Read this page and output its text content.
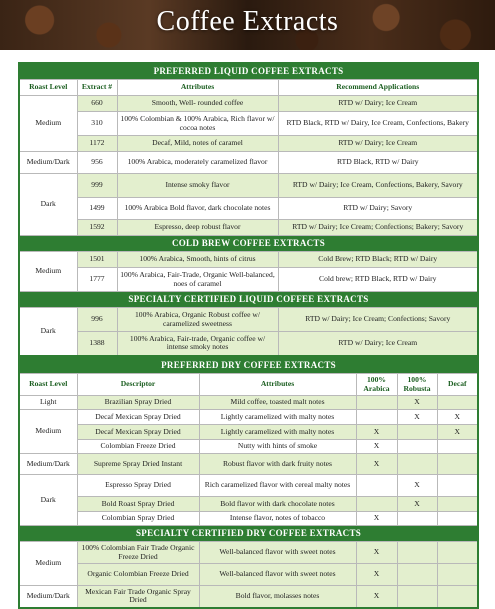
Coffee Extracts
PREFERRED LIQUID COFFEE EXTRACTS			
Roast Level	Extract #	Attributes	Recommend Applications
Medium	660	Smooth, Well- rounded coffee	RTD w/ Dairy; Ice Cream
	310	100% Colombian & 100% Arabica, Rich flavor w/ cocoa notes	RTD Black, RTD w/ Dairy, Ice Cream, Confections, Bakery
	1172	Decaf, Mild, notes of caramel	RTD w/ Dairy; Ice Cream
Medium/Dark	956	100% Arabica, moderately caramelized flavor	RTD Black, RTD w/ Dairy
Dark	999	Intense smoky flavor	RTD w/ Dairy; Ice Cream, Confections, Bakery, Savory
	1499	100% Arabica Bold flavor, dark chocolate notes	RTD w/ Dairy; Savory
	1592	Espresso, deep robust flavor	RTD w/ Dairy; Ice Cream; Confections; Bakery; Savory
COLD BREW COFFEE EXTRACTS			
Medium	1501	100% Arabica, Smooth, hints of citrus	Cold Brew; RTD Black; RTD w/ Dairy
	1777	100% Arabica, Fair-Trade, Organic Well-balanced, noes of caramel	Cold brew; RTD Black, RTD w/ Dairy
SPECIALTY CERTIFIED LIQUID COFFEE EXTRACTS			
Dark	996	100% Arabica, Organic Robust coffee w/ caramelized sweetness	RTD w/ Dairy; Ice Cream; Confections; Savory
	1388	100% Arabica, Fair-trade, Organic coffee w/ intense smoky notes	RTD w/ Dairy; Ice Cream
PREFERRED DRY COFFEE EXTRACTS					
Roast Level	Descriptor	Attributes	100% Arabica	100% Robusta	Decaf
Light	Brazilian Spray Dried	Mild coffee, toasted malt notes		X	
Medium	Decaf Mexican Spray Dried	Lightly caramelized with malty notes		X	X
	Decaf Mexican Spray Dried	Lightly caramelized with malty notes	X		X
	Colombian Freeze Dried	Nutty with hints of smoke	X		
Medium/Dark	Supreme Spray Dried Instant	Robust flavor with dark fruity notes	X		
Dark	Espresso Spray Dried	Rich caramelized flavor with cereal malty notes		X	
	Bold Roast Spray Dried	Bold flavor with dark chocolate notes		X	
	Colombian Spray Dried	Intense flavor, notes of tobacco	X		
SPECIALTY CERTIFIED DRY COFFEE EXTRACTS					
Medium	100% Colombian Fair Trade Organic Freeze Dried	Well-balanced flavor with sweet notes	X		
	Organic Colombian Freeze Dried	Well-balanced flavor with sweet notes	X		
Medium/Dark	Mexican Fair Trade Organic Spray Dried	Bold flavor, molasses notes	X		
